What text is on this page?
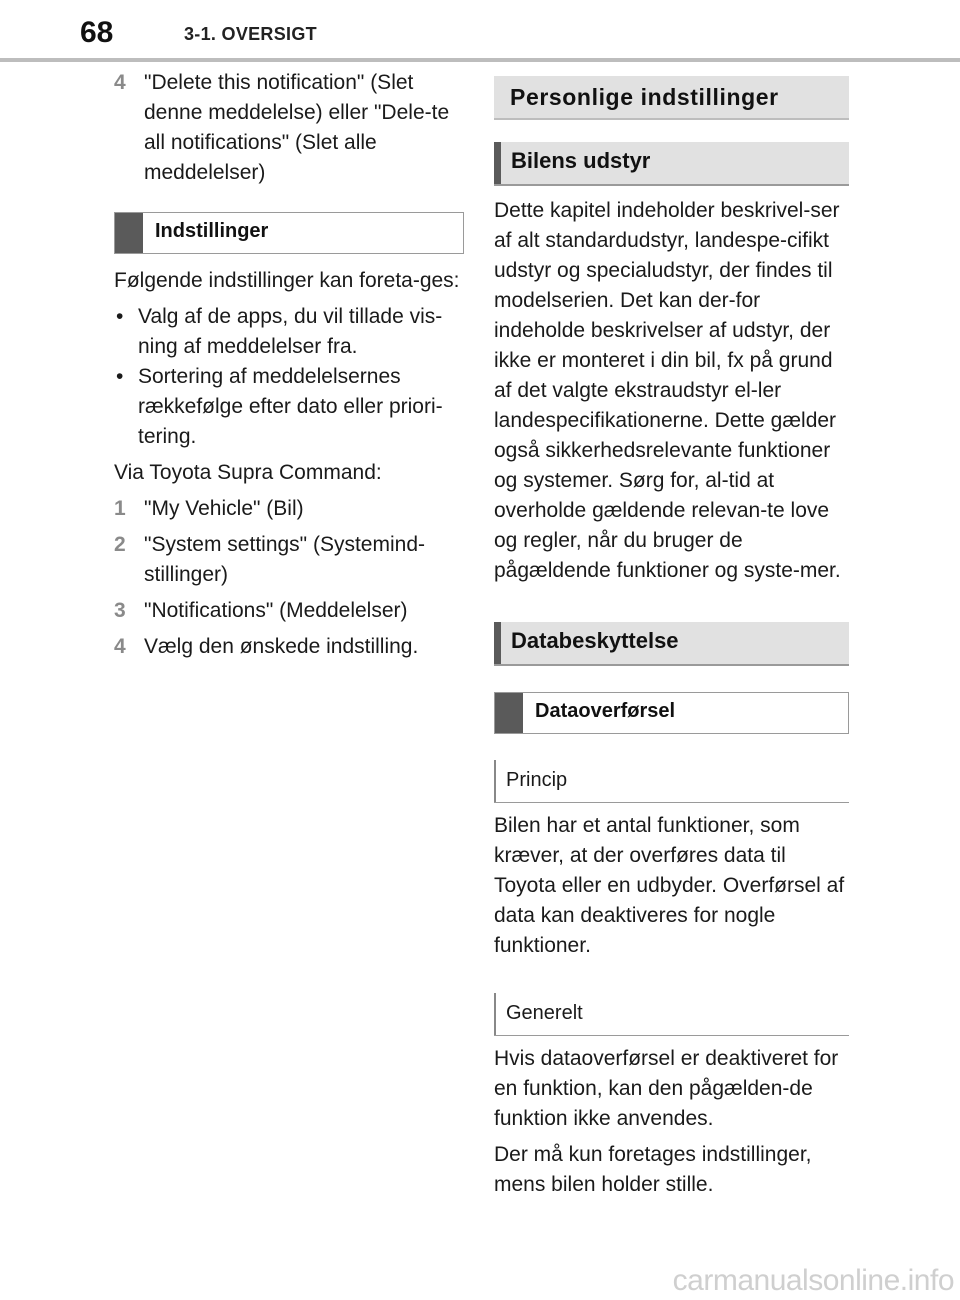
68	3-1. OVERSIGT
4 "Delete this notification" (Slet denne meddelelse) eller "Dele-te all notifications" (Slet alle meddelelser)
Indstillinger

Følgende indstillinger kan foreta-ges:

• Valg af de apps, du vil tillade vis-ning af meddelelser fra.
• Sortering af meddelelsernes rækkefølge efter dato eller priori-tering.

Via Toyota Supra Command:

1 "My Vehicle" (Bil)
2 "System settings" (Systemind-stillinger)
3 "Notifications" (Meddelelser)
4 Vælg den ønskede indstilling.
Personlige indstillinger
Bilens udstyr

Dette kapitel indeholder beskrivel-ser af alt standardudstyr, landespe-cifikt udstyr og specialudstyr, der findes til modelserien. Det kan der-for indeholde beskrivelser af udstyr, der ikke er monteret i din bil, fx på grund af det valgte ekstraudstyr el-ler landespecifikationerne. Dette gælder også sikkerhedsrelevante funktioner og systemer. Sørg for, al-tid at overholde gældende relevan-te love og regler, når du bruger de pågældende funktioner og syste-mer.

Databeskyttelse
Dataoverførsel
Princip

Bilen har et antal funktioner, som kræver, at der overføres data til Toyota eller en udbyder. Overførsel af data kan deaktiveres for nogle funktioner.

Generelt

Hvis dataoverførsel er deaktiveret for en funktion, kan den pågælden-de funktion ikke anvendes.

Der må kun foretages indstillinger, mens bilen holder stille.

carmanualsonline.info
